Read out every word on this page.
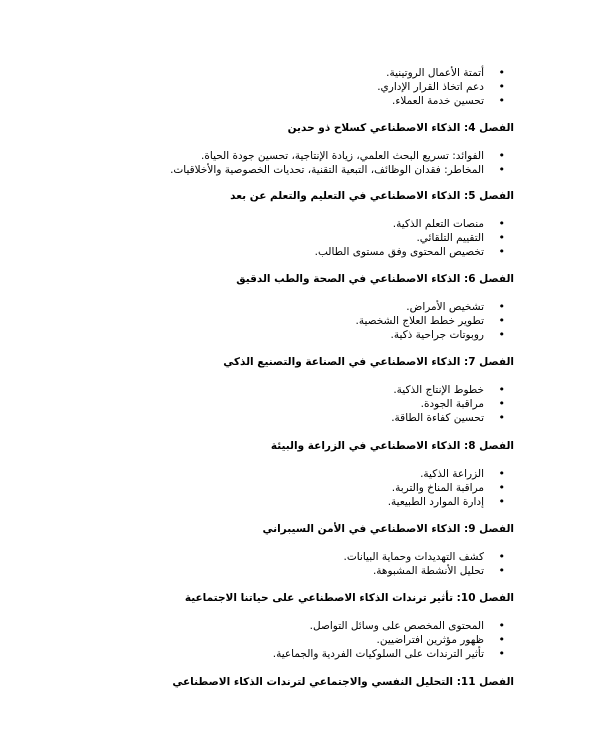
• أتمتة الأعمال الروتينية.
• دعم اتخاذ القرار الإداري.
• تحسين خدمة العملاء.
الفصل 4: الذكاء الاصطناعي كسلاح ذو حدين
• الفوائد: تسريع البحث العلمي، زيادة الإنتاجية، تحسين جودة الحياة.
• المخاطر: فقدان الوظائف، التبعية التقنية، تحديات الخصوصية والأخلاقيات.
الفصل 5: الذكاء الاصطناعي في التعليم والتعلم عن بعد
• منصات التعلم الذكية.
• التقييم التلقائي.
• تخصيص المحتوى وفق مستوى الطالب.
الفصل 6: الذكاء الاصطناعي في الصحة والطب الدقيق
• تشخيص الأمراض.
• تطوير خطط العلاج الشخصية.
• روبوتات جراحية ذكية.
الفصل 7: الذكاء الاصطناعي في الصناعة والتصنيع الذكي
• خطوط الإنتاج الذكية.
• مراقبة الجودة.
• تحسين كفاءة الطاقة.
الفصل 8: الذكاء الاصطناعي في الزراعة والبيئة
• الزراعة الذكية.
• مراقبة المناخ والتربة.
• إدارة الموارد الطبيعية.
الفصل 9: الذكاء الاصطناعي في الأمن السيبراني
• كشف التهديدات وحماية البيانات.
• تحليل الأنشطة المشبوهة.
الفصل 10: تأثير ترندات الذكاء الاصطناعي على حياتنا الاجتماعية
• المحتوى المخصص على وسائل التواصل.
• ظهور مؤثرين افتراضيين.
• تأثير الترندات على السلوكيات الفردية والجماعية.
الفصل 11: التحليل النفسي والاجتماعي لترندات الذكاء الاصطناعي
